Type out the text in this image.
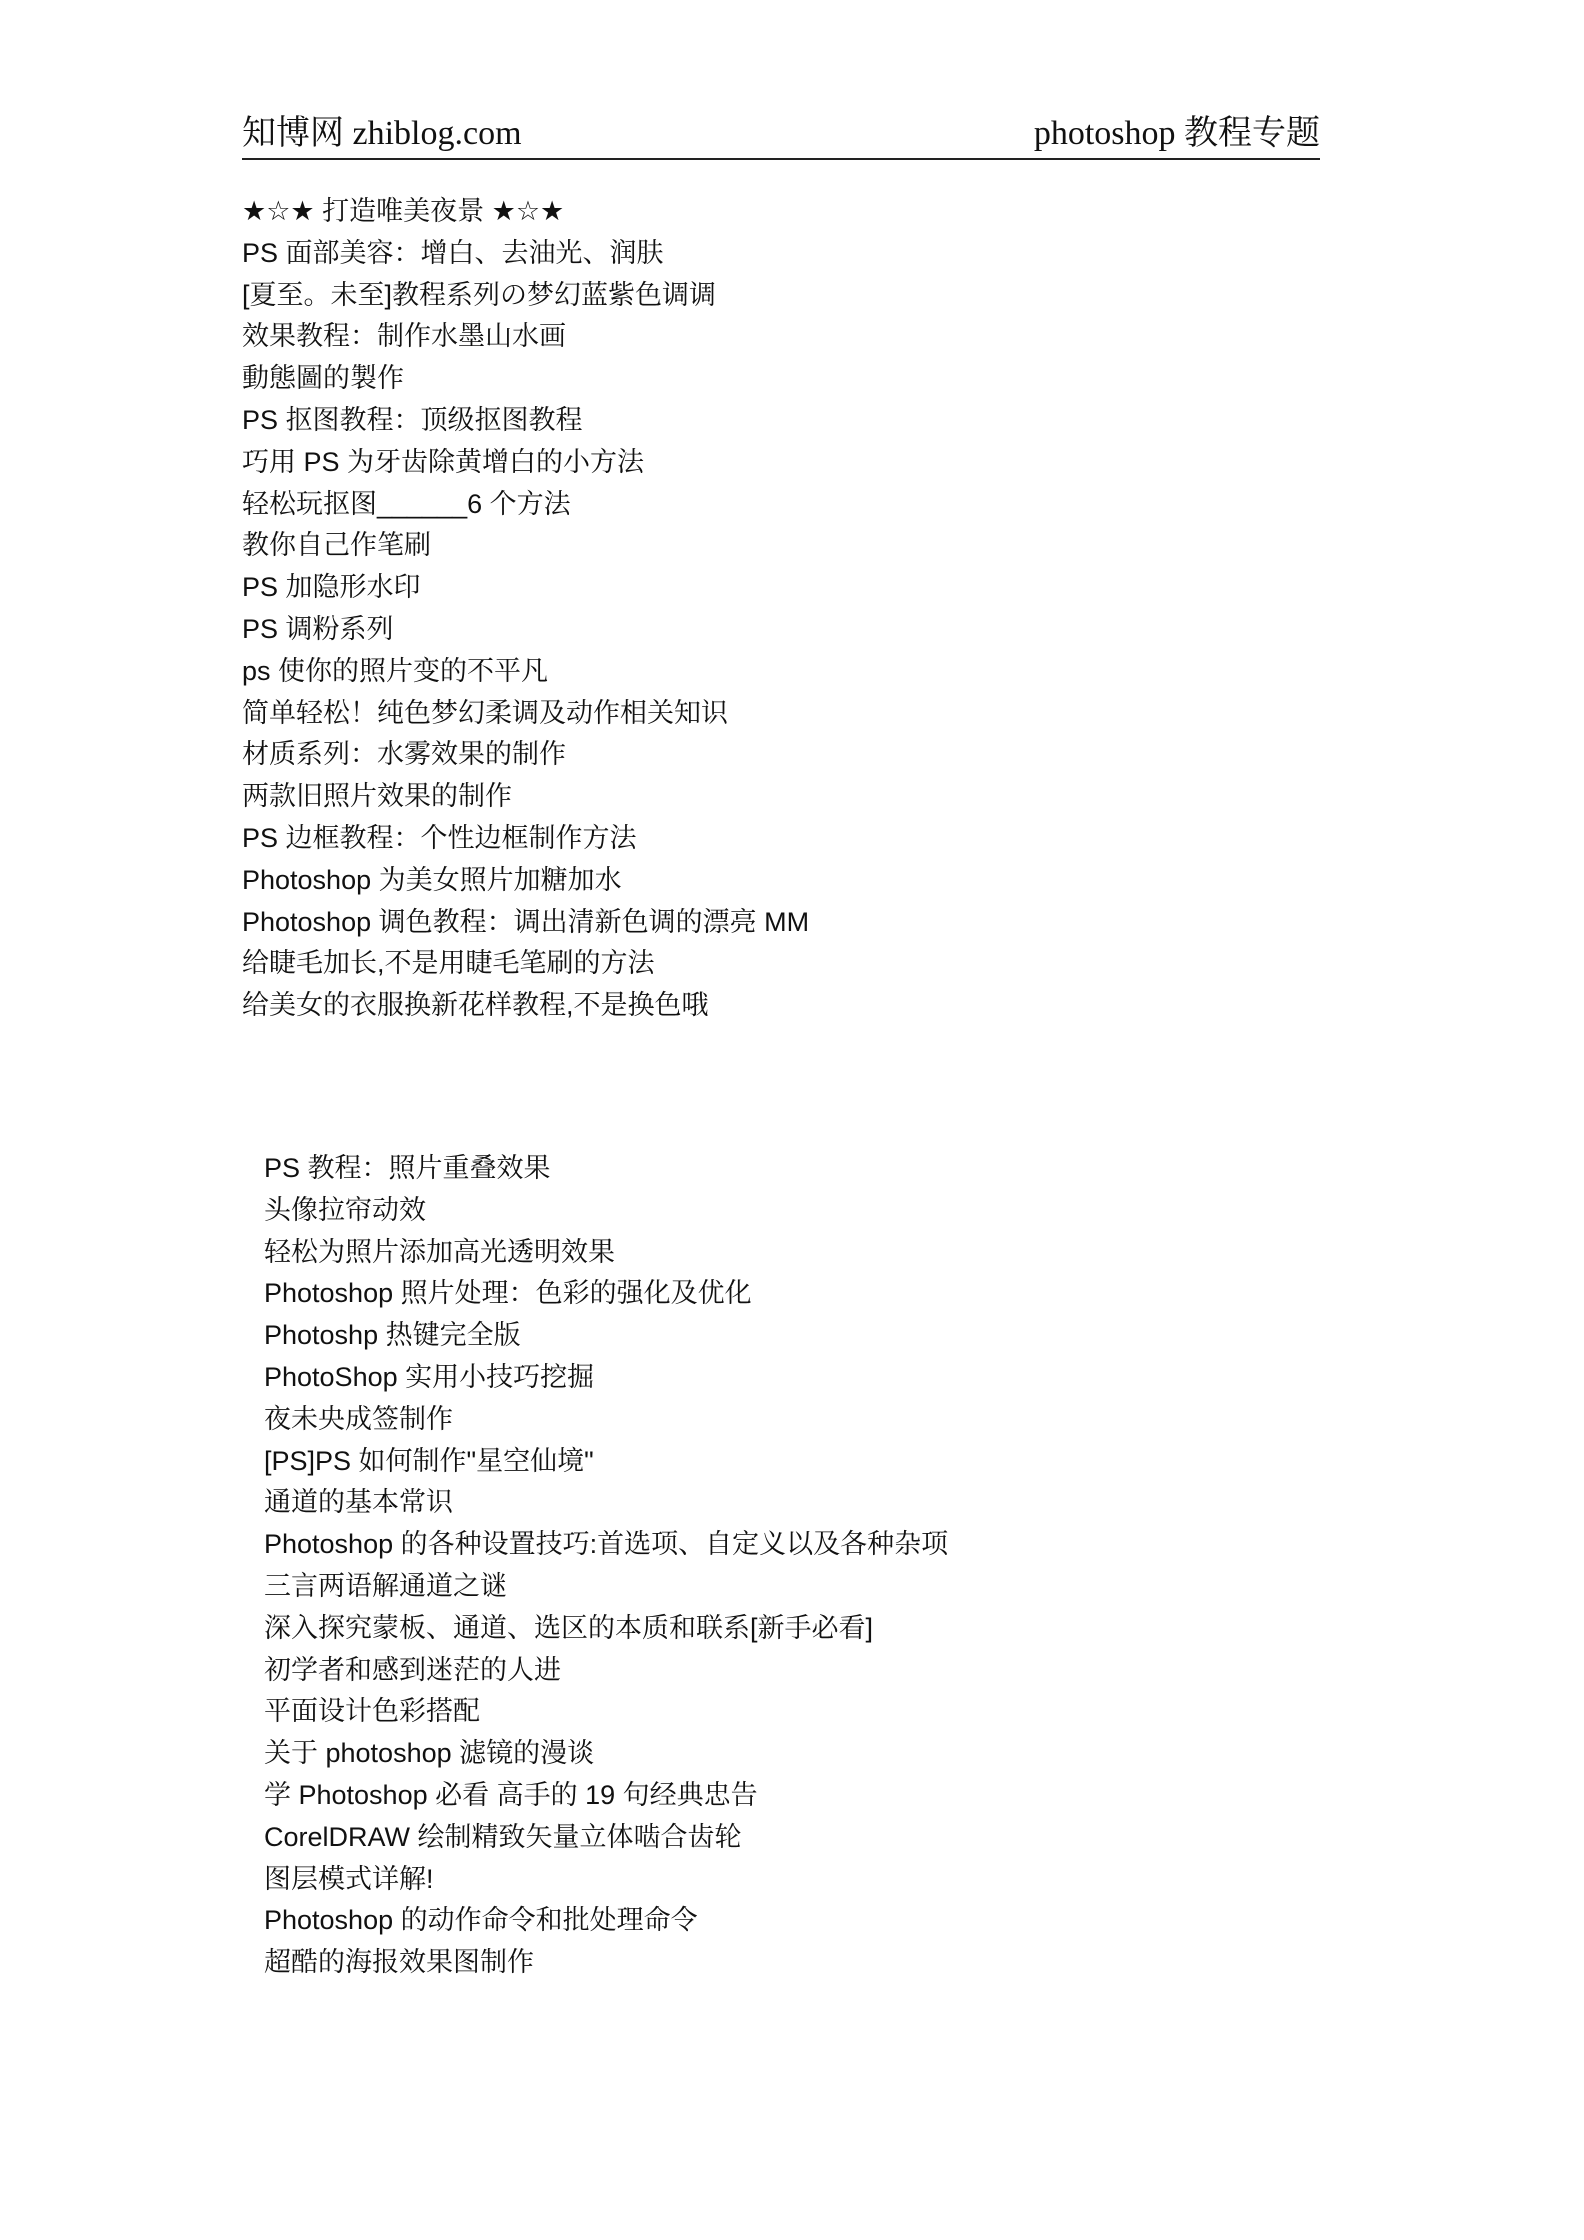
知博网 zhiblog.com	photoshop 教程专题
★☆★ 打造唯美夜景 ★☆★
PS 面部美容：增白、去油光、润肤
[夏至。未至]教程系列の梦幻蓝紫色调调
效果教程：制作水墨山水画
動態圖的製作
PS 抠图教程：顶级抠图教程
巧用 PS 为牙齿除黄增白的小方法
轻松玩抠图______6 个方法
教你自己作笔刷
PS 加隐形水印
PS 调粉系列
ps 使你的照片变的不平凡
简单轻松！纯色梦幻柔调及动作相关知识
材质系列：水雾效果的制作
两款旧照片效果的制作
PS 边框教程：个性边框制作方法
Photoshop 为美女照片加糖加水
Photoshop 调色教程：调出清新色调的漂亮 MM
给睫毛加长,不是用睫毛笔刷的方法
给美女的衣服换新花样教程,不是换色哦
PS 教程：照片重叠效果
头像拉帘动效
轻松为照片添加高光透明效果
Photoshop 照片处理：色彩的强化及优化
Photoshp 热键完全版
PhotoShop 实用小技巧挖掘
夜未央成签制作
[PS]PS 如何制作"星空仙境"
通道的基本常识
Photoshop 的各种设置技巧:首选项、自定义以及各种杂项
三言两语解通道之谜
深入探究蒙板、通道、选区的本质和联系[新手必看]
初学者和感到迷茫的人进
平面设计色彩搭配
关于 photoshop 滤镜的漫谈
学 Photoshop 必看 高手的 19 句经典忠告
CorelDRAW 绘制精致矢量立体啮合齿轮
图层模式详解!
Photoshop 的动作命令和批处理命令
超酷的海报效果图制作
